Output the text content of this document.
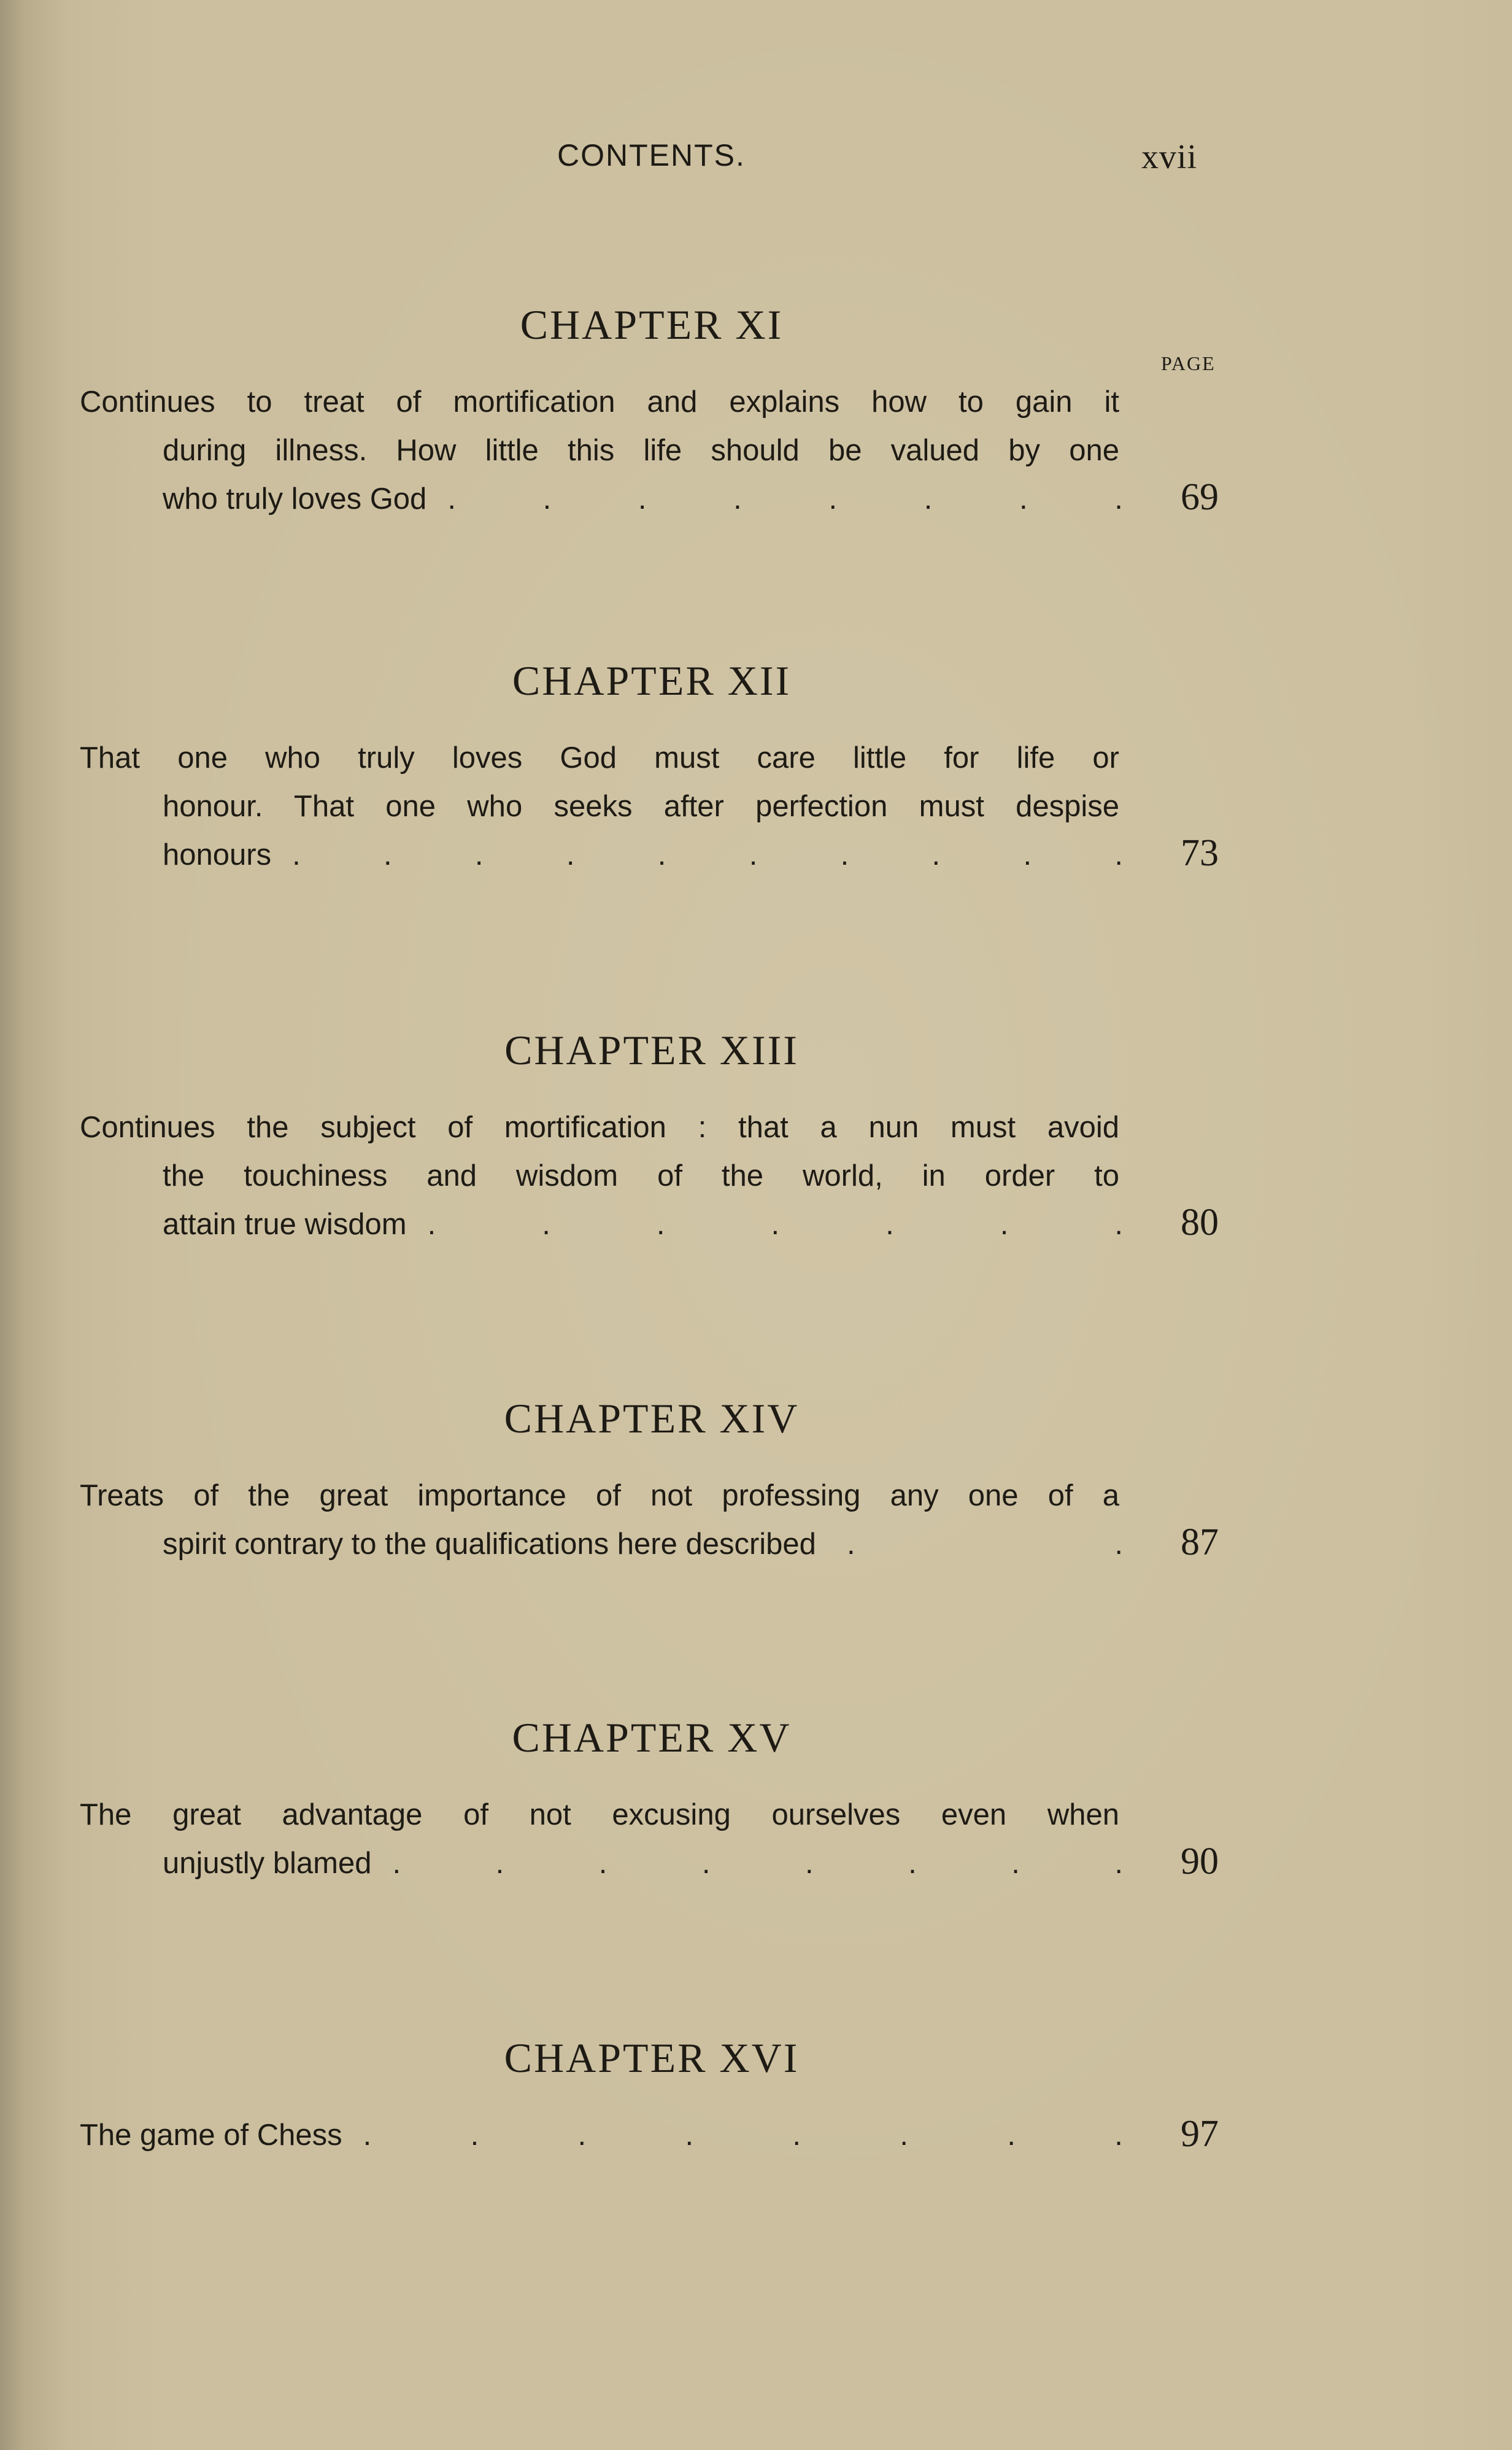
CONTENTS.	xvii
CHAPTER XI
PAGE
Continues to treat of mortification and explains how to gain it
during illness. How little this life should be valued by one
who truly loves God .	.	.	.	.	.	.	. 69
CHAPTER XII
That one who truly loves God must care little for life or
honour. That one who seeks after perfection must despise
honours .	.	.	.	.	.	.	.	.	. 73
CHAPTER XIII
Continues the subject of mortification : that a nun must avoid
the touchiness and wisdom of the world, in order to
attain true wisdom .	.	.	.	.	.	. 80
CHAPTER XIV
Treats of the great importance of not professing any one of a
spirit contrary to the qualifications here described .	. 87
CHAPTER XV
The great advantage of not excusing ourselves even when
unjustly blamed .	.	.	.	.	.	.	. 90
CHAPTER XVI
The game of Chess .	.	.	.	.	.	.	. 97
